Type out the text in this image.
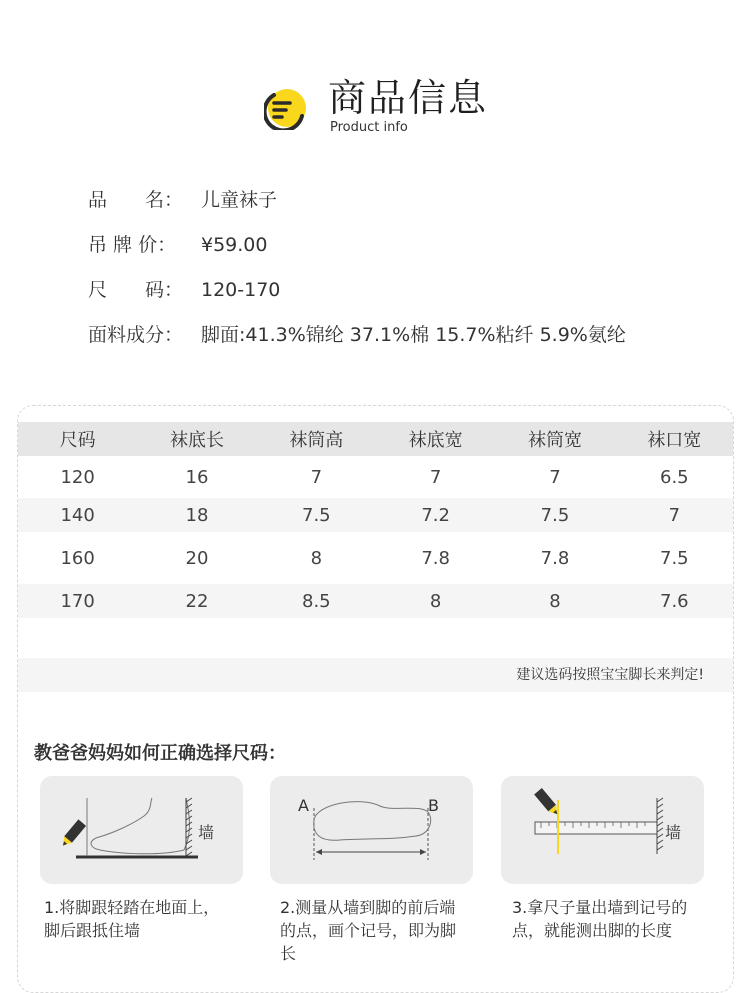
商品信息
Product info
品　　名： 儿童袜子
吊 牌 价：	¥59.00
尺　　码： 120-170
面料成分： 脚面:41.3%锦纶 37.1%棉 15.7%粘纤 5.9%氨纶
尺码	袜底长	袜筒高	袜底宽	袜筒宽	袜口宽
120	16	7	7	7	6.5
140	18	7.5	7.2	7.5	7
160	20	8	7.8	7.8	7.5
170	22	8.5	8	8	7.6
建议选码按照宝宝脚长来判定!
教爸爸妈妈如何正确选择尺码：
墙
1.将脚跟轻踏在地面上，脚后跟抵住墙
A	B
2.测量从墙到脚的前后端的点，画个记号，即为脚长
墙
3.拿尺子量出墙到记号的点，就能测出脚的长度
